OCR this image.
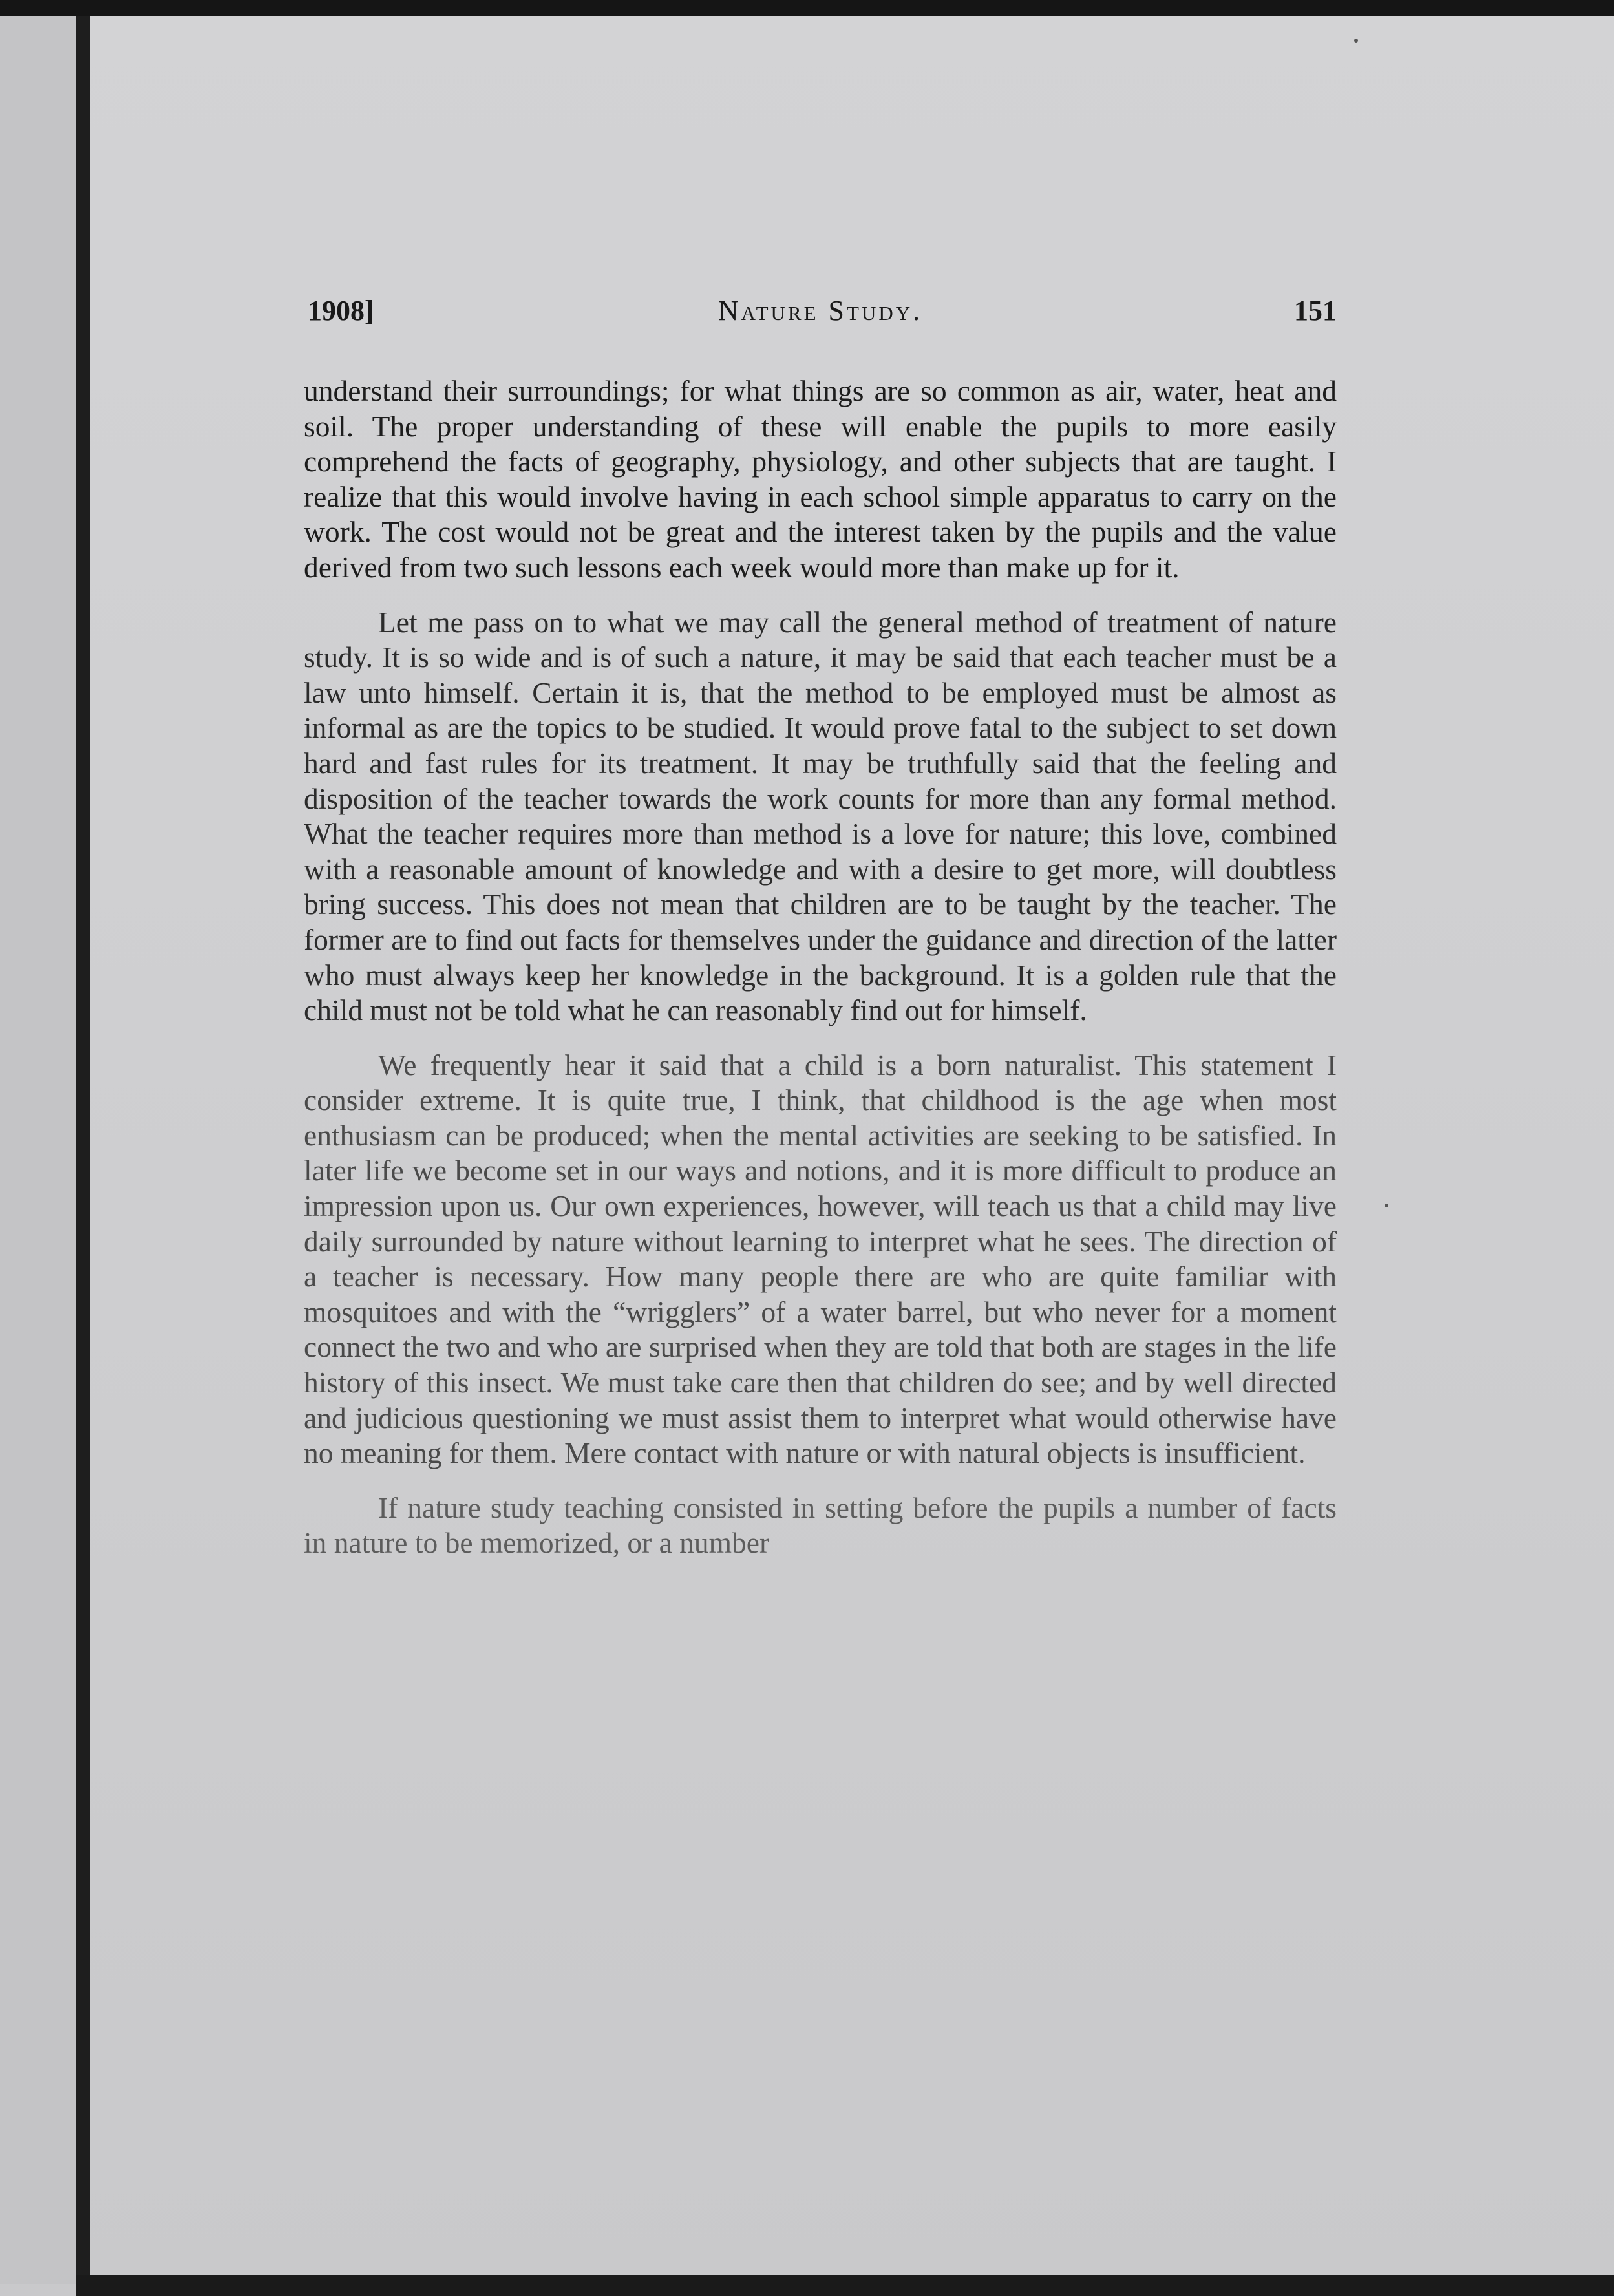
1908]	Nature Study.	151

understand their surroundings; for what things are so common as air, water, heat and soil. The proper understanding of these will enable the pupils to more easily comprehend the facts of geography, physiology, and other subjects that are taught. I realize that this would involve having in each school simple apparatus to carry on the work. The cost would not be great and the interest taken by the pupils and the value derived from two such lessons each week would more than make up for it.

Let me pass on to what we may call the general method of treatment of nature study. It is so wide and is of such a nature, it may be said that each teacher must be a law unto himself. Certain it is, that the method to be employed must be almost as informal as are the topics to be studied. It would prove fatal to the subject to set down hard and fast rules for its treatment. It may be truthfully said that the feeling and disposition of the teacher towards the work counts for more than any formal method. What the teacher requires more than method is a love for nature; this love, combined with a reasonable amount of knowledge and with a desire to get more, will doubtless bring success. This does not mean that children are to be taught by the teacher. The former are to find out facts for themselves under the guidance and direction of the latter who must always keep her knowledge in the background. It is a golden rule that the child must not be told what he can reasonably find out for himself.

We frequently hear it said that a child is a born naturalist. This statement I consider extreme. It is quite true, I think, that childhood is the age when most enthusiasm can be produced; when the mental activities are seeking to be satisfied. In later life we become set in our ways and notions, and it is more difficult to produce an impression upon us. Our own experiences, however, will teach us that a child may live daily surrounded by nature without learning to interpret what he sees. The direction of a teacher is necessary. How many people there are who are quite familiar with mosquitoes and with the “wrigglers” of a water barrel, but who never for a moment connect the two and who are surprised when they are told that both are stages in the life history of this insect. We must take care then that children do see; and by well directed and judicious questioning we must assist them to interpret what would otherwise have no meaning for them. Mere contact with nature or with natural objects is insufficient.

If nature study teaching consisted in setting before the pupils a number of facts in nature to be memorized, or a number
